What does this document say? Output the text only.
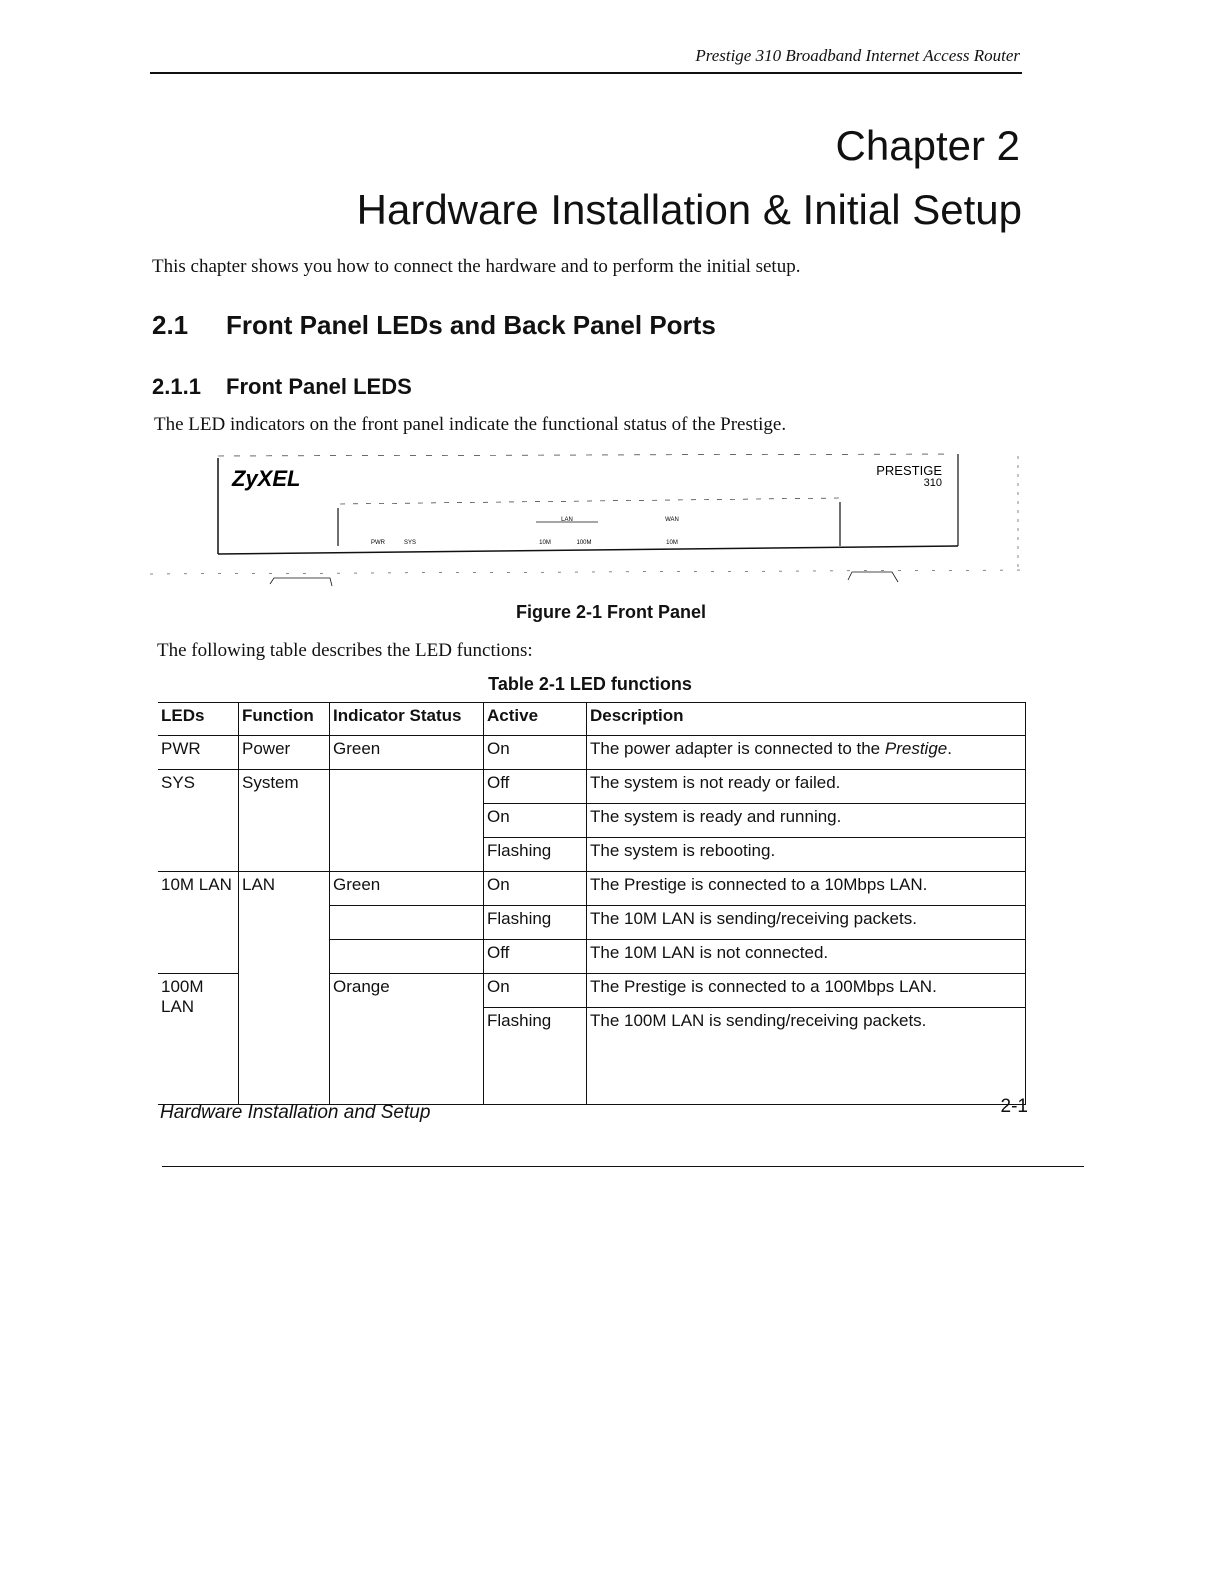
Prestige 310 Broadband Internet Access Router
Chapter 2
Hardware Installation & Initial Setup
This chapter shows you how to connect the hardware and to perform the initial setup.
2.1 Front Panel LEDs and Back Panel Ports
2.1.1 Front Panel LEDS
The LED indicators on the front panel indicate the functional status of the Prestige.
ZyXEL	PRESTIGE
310
LAN	WAN
PWR	SYS	10M	100M	10M
Figure 2-1 Front Panel
The following table describes the LED functions:
Table 2-1 LED functions
LEDs	Function	Indicator Status	Active	Description
PWR	Power	Green	On	The power adapter is connected to the Prestige.
SYS	System		Off	The system is not ready or failed.
			On	The system is ready and running.
			Flashing	The system is rebooting.
10M LAN	LAN	Green	On	The Prestige is connected to a 10Mbps LAN.
			Flashing	The 10M LAN is sending/receiving packets.
			Off	The 10M LAN is not connected.
100M LAN		Orange	On	The Prestige is connected to a 100Mbps LAN.
			Flashing	The 100M LAN is sending/receiving packets.
Hardware Installation and Setup	2-1
